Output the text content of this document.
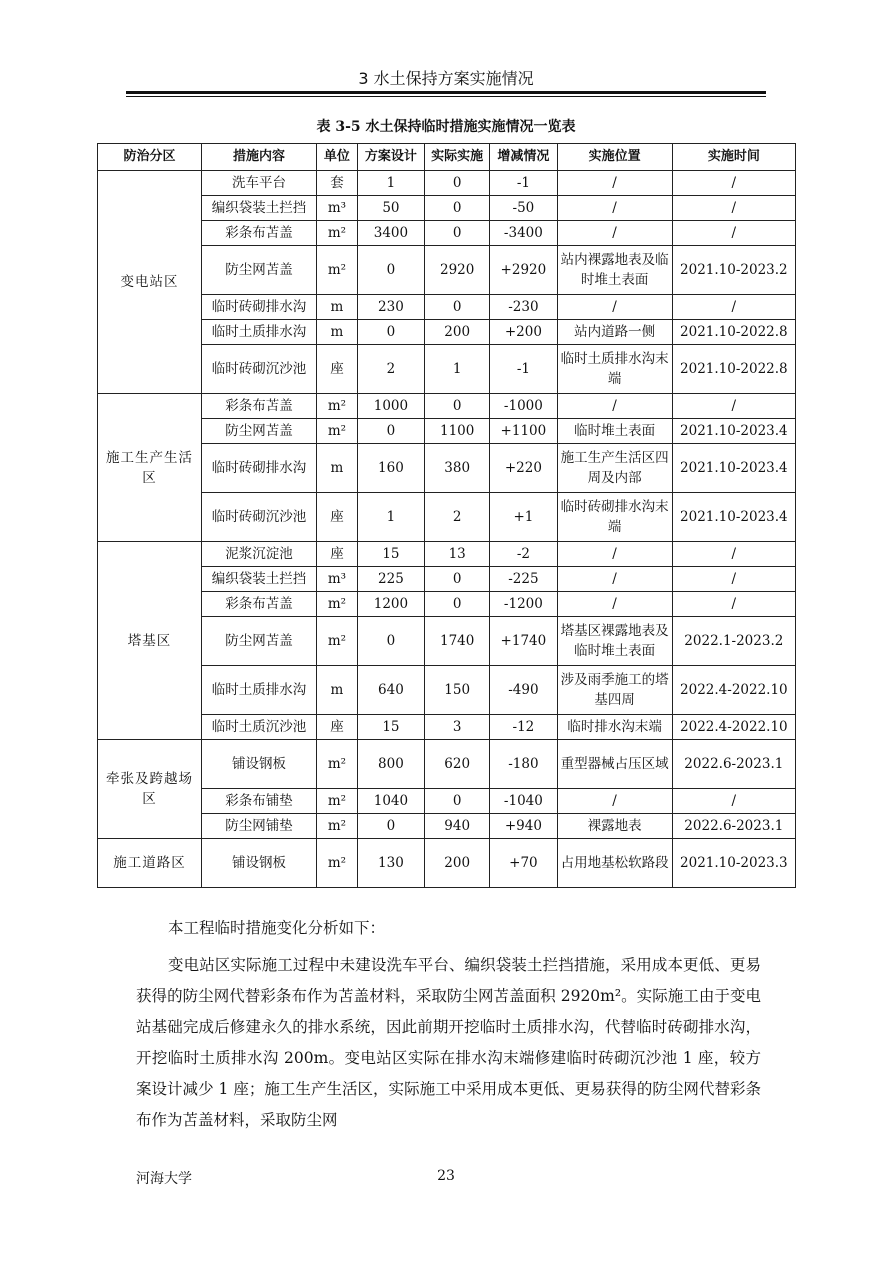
3 水土保持方案实施情况
表 3-5 水土保持临时措施实施情况一览表
防治分区	措施内容	单位	方案设计	实际实施	增减情况	实施位置	实施时间
变电站区	洗车平台	套	1	0	-1	/	/
	编织袋装土拦挡	m³	50	0	-50	/	/
	彩条布苫盖	m²	3400	0	-3400	/	/
	防尘网苫盖	m²	0	2920	+2920	站内裸露地表及临时堆土表面	2021.10-2023.2
	临时砖砌排水沟	m	230	0	-230	/	/
	临时土质排水沟	m	0	200	+200	站内道路一侧	2021.10-2022.8
	临时砖砌沉沙池	座	2	1	-1	临时土质排水沟末端	2021.10-2022.8
施工生产生活区	彩条布苫盖	m²	1000	0	-1000	/	/
	防尘网苫盖	m²	0	1100	+1100	临时堆土表面	2021.10-2023.4
	临时砖砌排水沟	m	160	380	+220	施工生产生活区四周及内部	2021.10-2023.4
	临时砖砌沉沙池	座	1	2	+1	临时砖砌排水沟末端	2021.10-2023.4
塔基区	泥浆沉淀池	座	15	13	-2	/	/
	编织袋装土拦挡	m³	225	0	-225	/	/
	彩条布苫盖	m²	1200	0	-1200	/	/
	防尘网苫盖	m²	0	1740	+1740	塔基区裸露地表及临时堆土表面	2022.1-2023.2
	临时土质排水沟	m	640	150	-490	涉及雨季施工的塔基四周	2022.4-2022.10
	临时土质沉沙池	座	15	3	-12	临时排水沟末端	2022.4-2022.10
牵张及跨越场区	铺设钢板	m²	800	620	-180	重型器械占压区域	2022.6-2023.1
	彩条布铺垫	m²	1040	0	-1040	/	/
	防尘网铺垫	m²	0	940	+940	裸露地表	2022.6-2023.1
施工道路区	铺设钢板	m²	130	200	+70	占用地基松软路段	2021.10-2023.3
本工程临时措施变化分析如下：
变电站区实际施工过程中未建设洗车平台、编织袋装土拦挡措施，采用成本更低、更易获得的防尘网代替彩条布作为苫盖材料，采取防尘网苫盖面积 2920m²。实际施工由于变电站基础完成后修建永久的排水系统，因此前期开挖临时土质排水沟，代替临时砖砌排水沟，开挖临时土质排水沟 200m。变电站区实际在排水沟末端修建临时砖砌沉沙池 1 座，较方案设计减少 1 座；施工生产生活区，实际施工中采用成本更低、更易获得的防尘网代替彩条布作为苫盖材料，采取防尘网
河海大学	23
